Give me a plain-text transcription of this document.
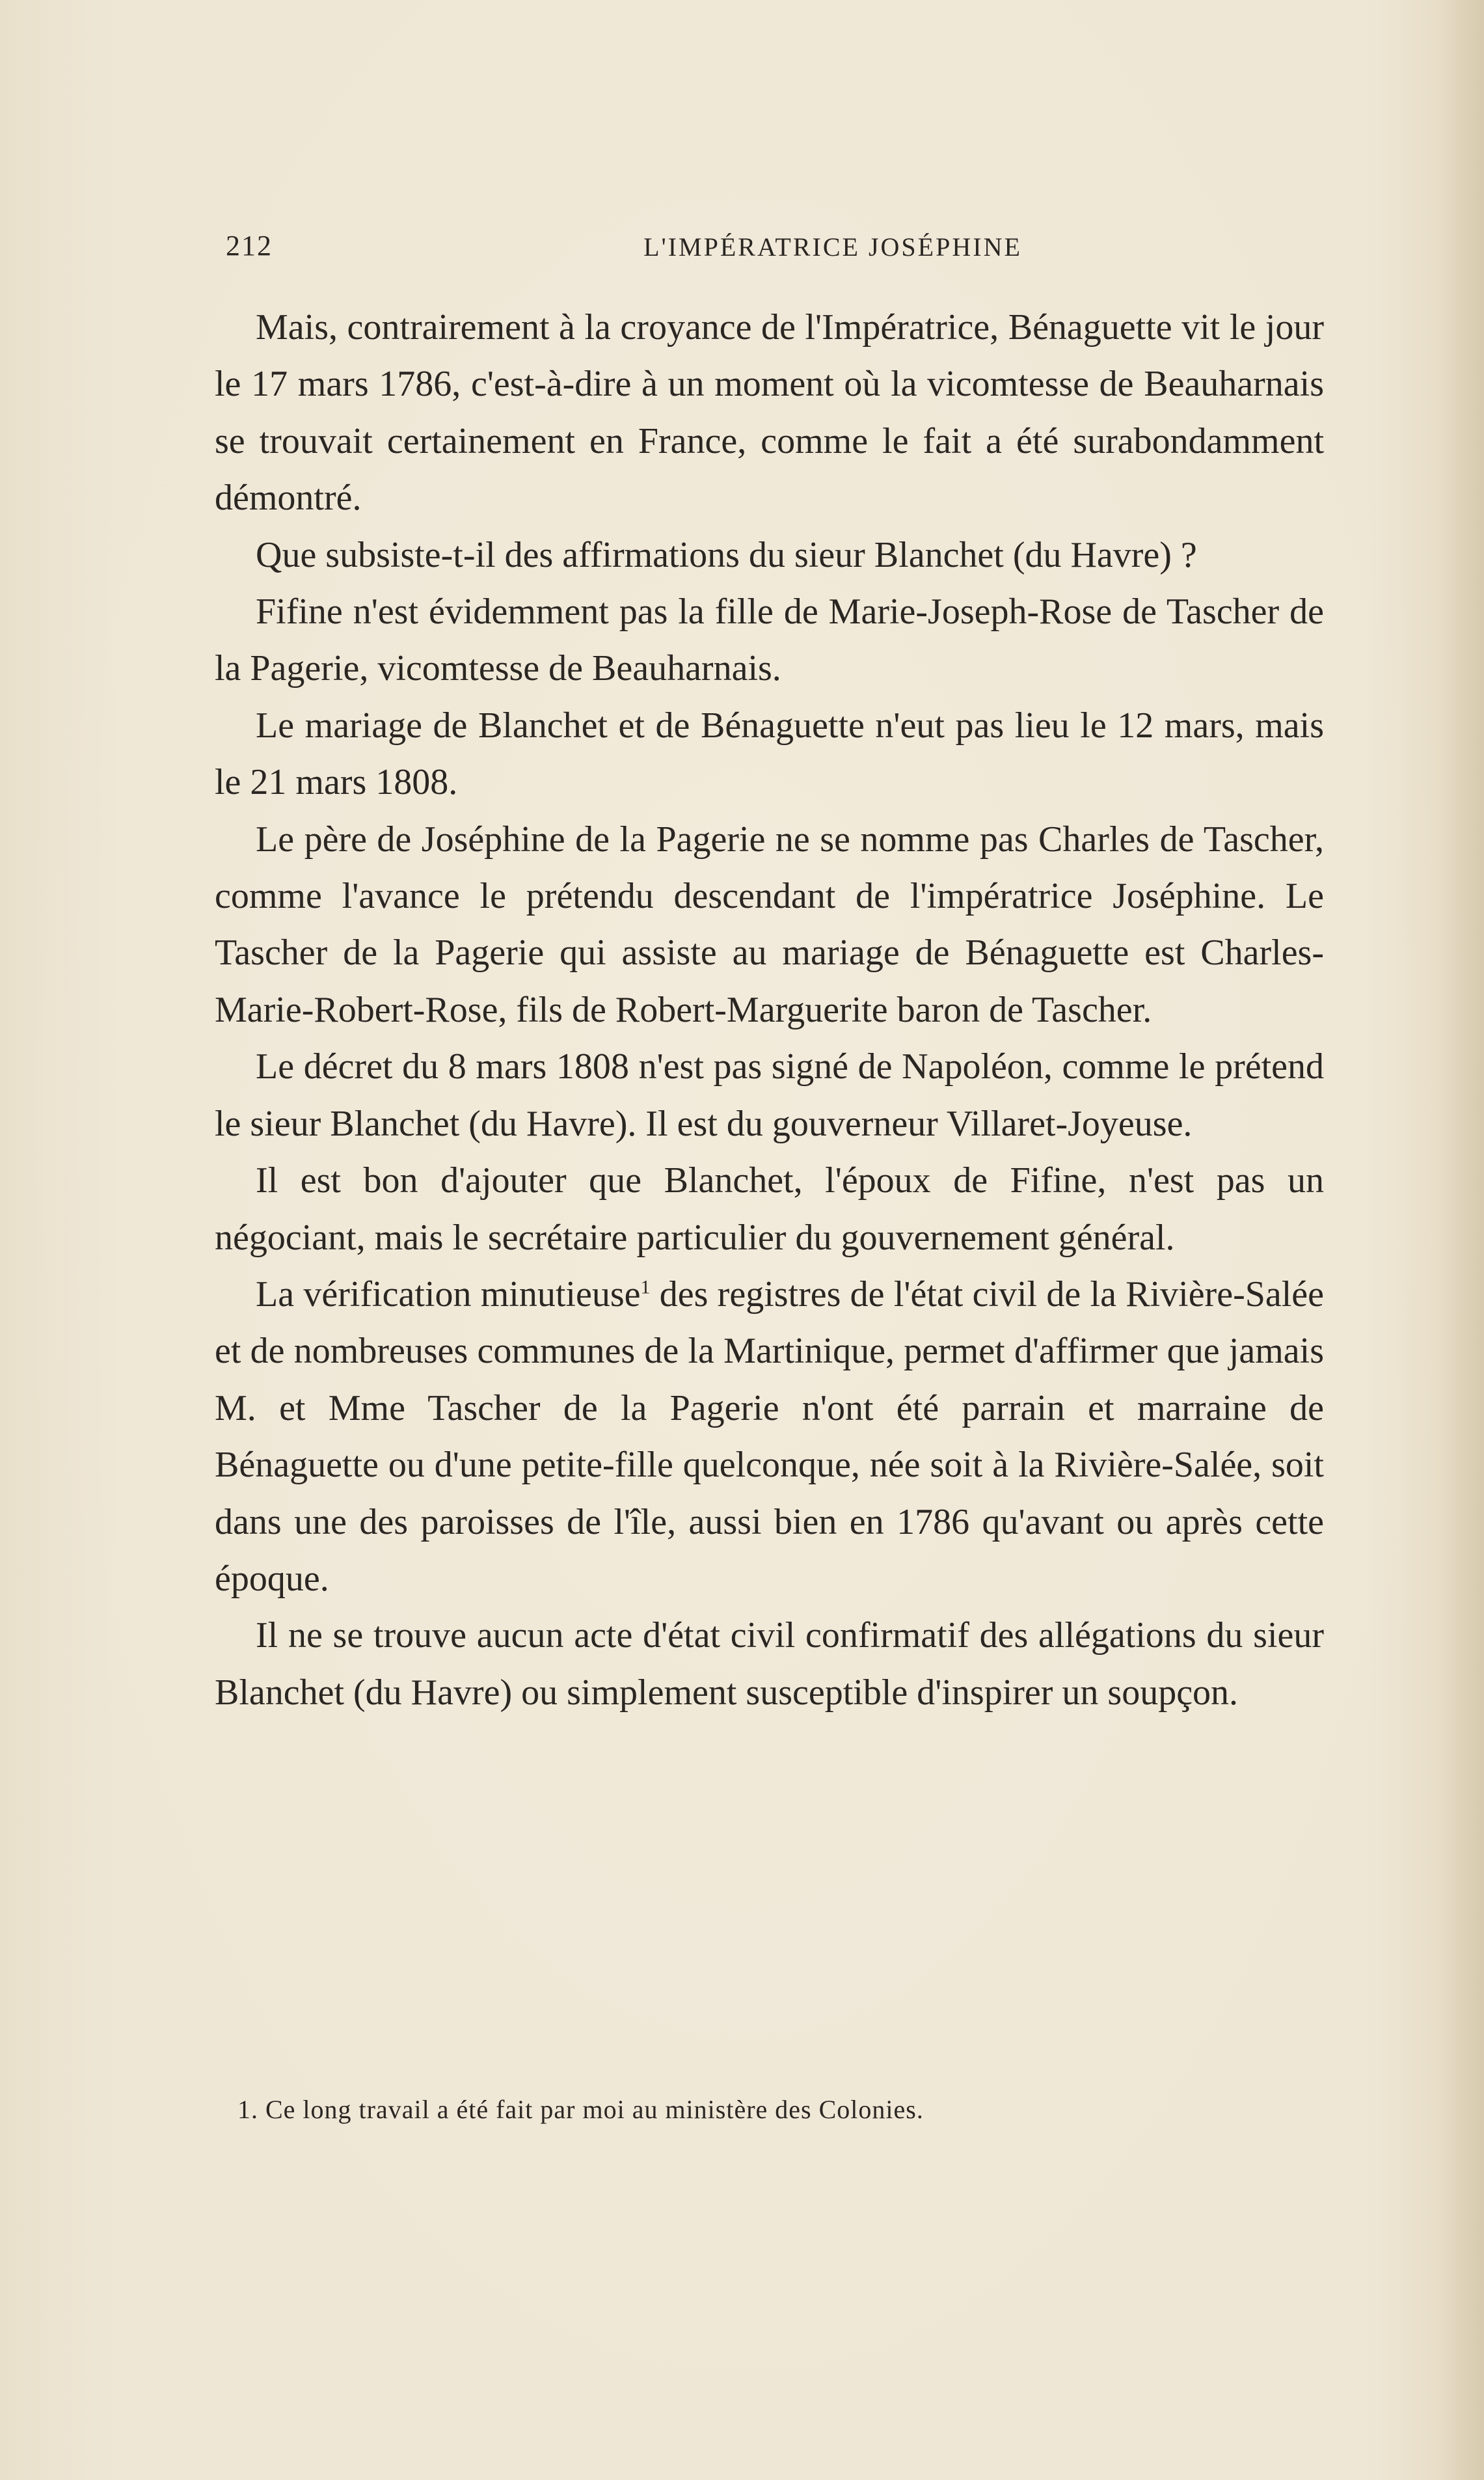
212	L'IMPÉRATRICE JOSÉPHINE

Mais, contrairement à la croyance de l'Impératrice, Bénaguette vit le jour le 17 mars 1786, c'est-à-dire à un moment où la vicomtesse de Beauharnais se trouvait certainement en France, comme le fait a été surabondamment démontré.

Que subsiste-t-il des affirmations du sieur Blanchet (du Havre) ?

Fifine n'est évidemment pas la fille de Marie-Joseph-Rose de Tascher de la Pagerie, vicomtesse de Beauharnais.

Le mariage de Blanchet et de Bénaguette n'eut pas lieu le 12 mars, mais le 21 mars 1808.

Le père de Joséphine de la Pagerie ne se nomme pas Charles de Tascher, comme l'avance le prétendu descendant de l'impératrice Joséphine. Le Tascher de la Pagerie qui assiste au mariage de Bénaguette est Charles-Marie-Robert-Rose, fils de Robert-Marguerite baron de Tascher.

Le décret du 8 mars 1808 n'est pas signé de Napoléon, comme le prétend le sieur Blanchet (du Havre). Il est du gouverneur Villaret-Joyeuse.

Il est bon d'ajouter que Blanchet, l'époux de Fifine, n'est pas un négociant, mais le secrétaire particulier du gouvernement général.

La vérification minutieuse$^1$ des registres de l'état civil de la Rivière-Salée et de nombreuses communes de la Martinique, permet d'affirmer que jamais M. et Mme Tascher de la Pagerie n'ont été parrain et marraine de Bénaguette ou d'une petite-fille quelconque, née soit à la Rivière-Salée, soit dans une des paroisses de l'île, aussi bien en 1786 qu'avant ou après cette époque.

Il ne se trouve aucun acte d'état civil confirmatif des allégations du sieur Blanchet (du Havre) ou simplement susceptible d'inspirer un soupçon.

1. Ce long travail a été fait par moi au ministère des Colonies.
